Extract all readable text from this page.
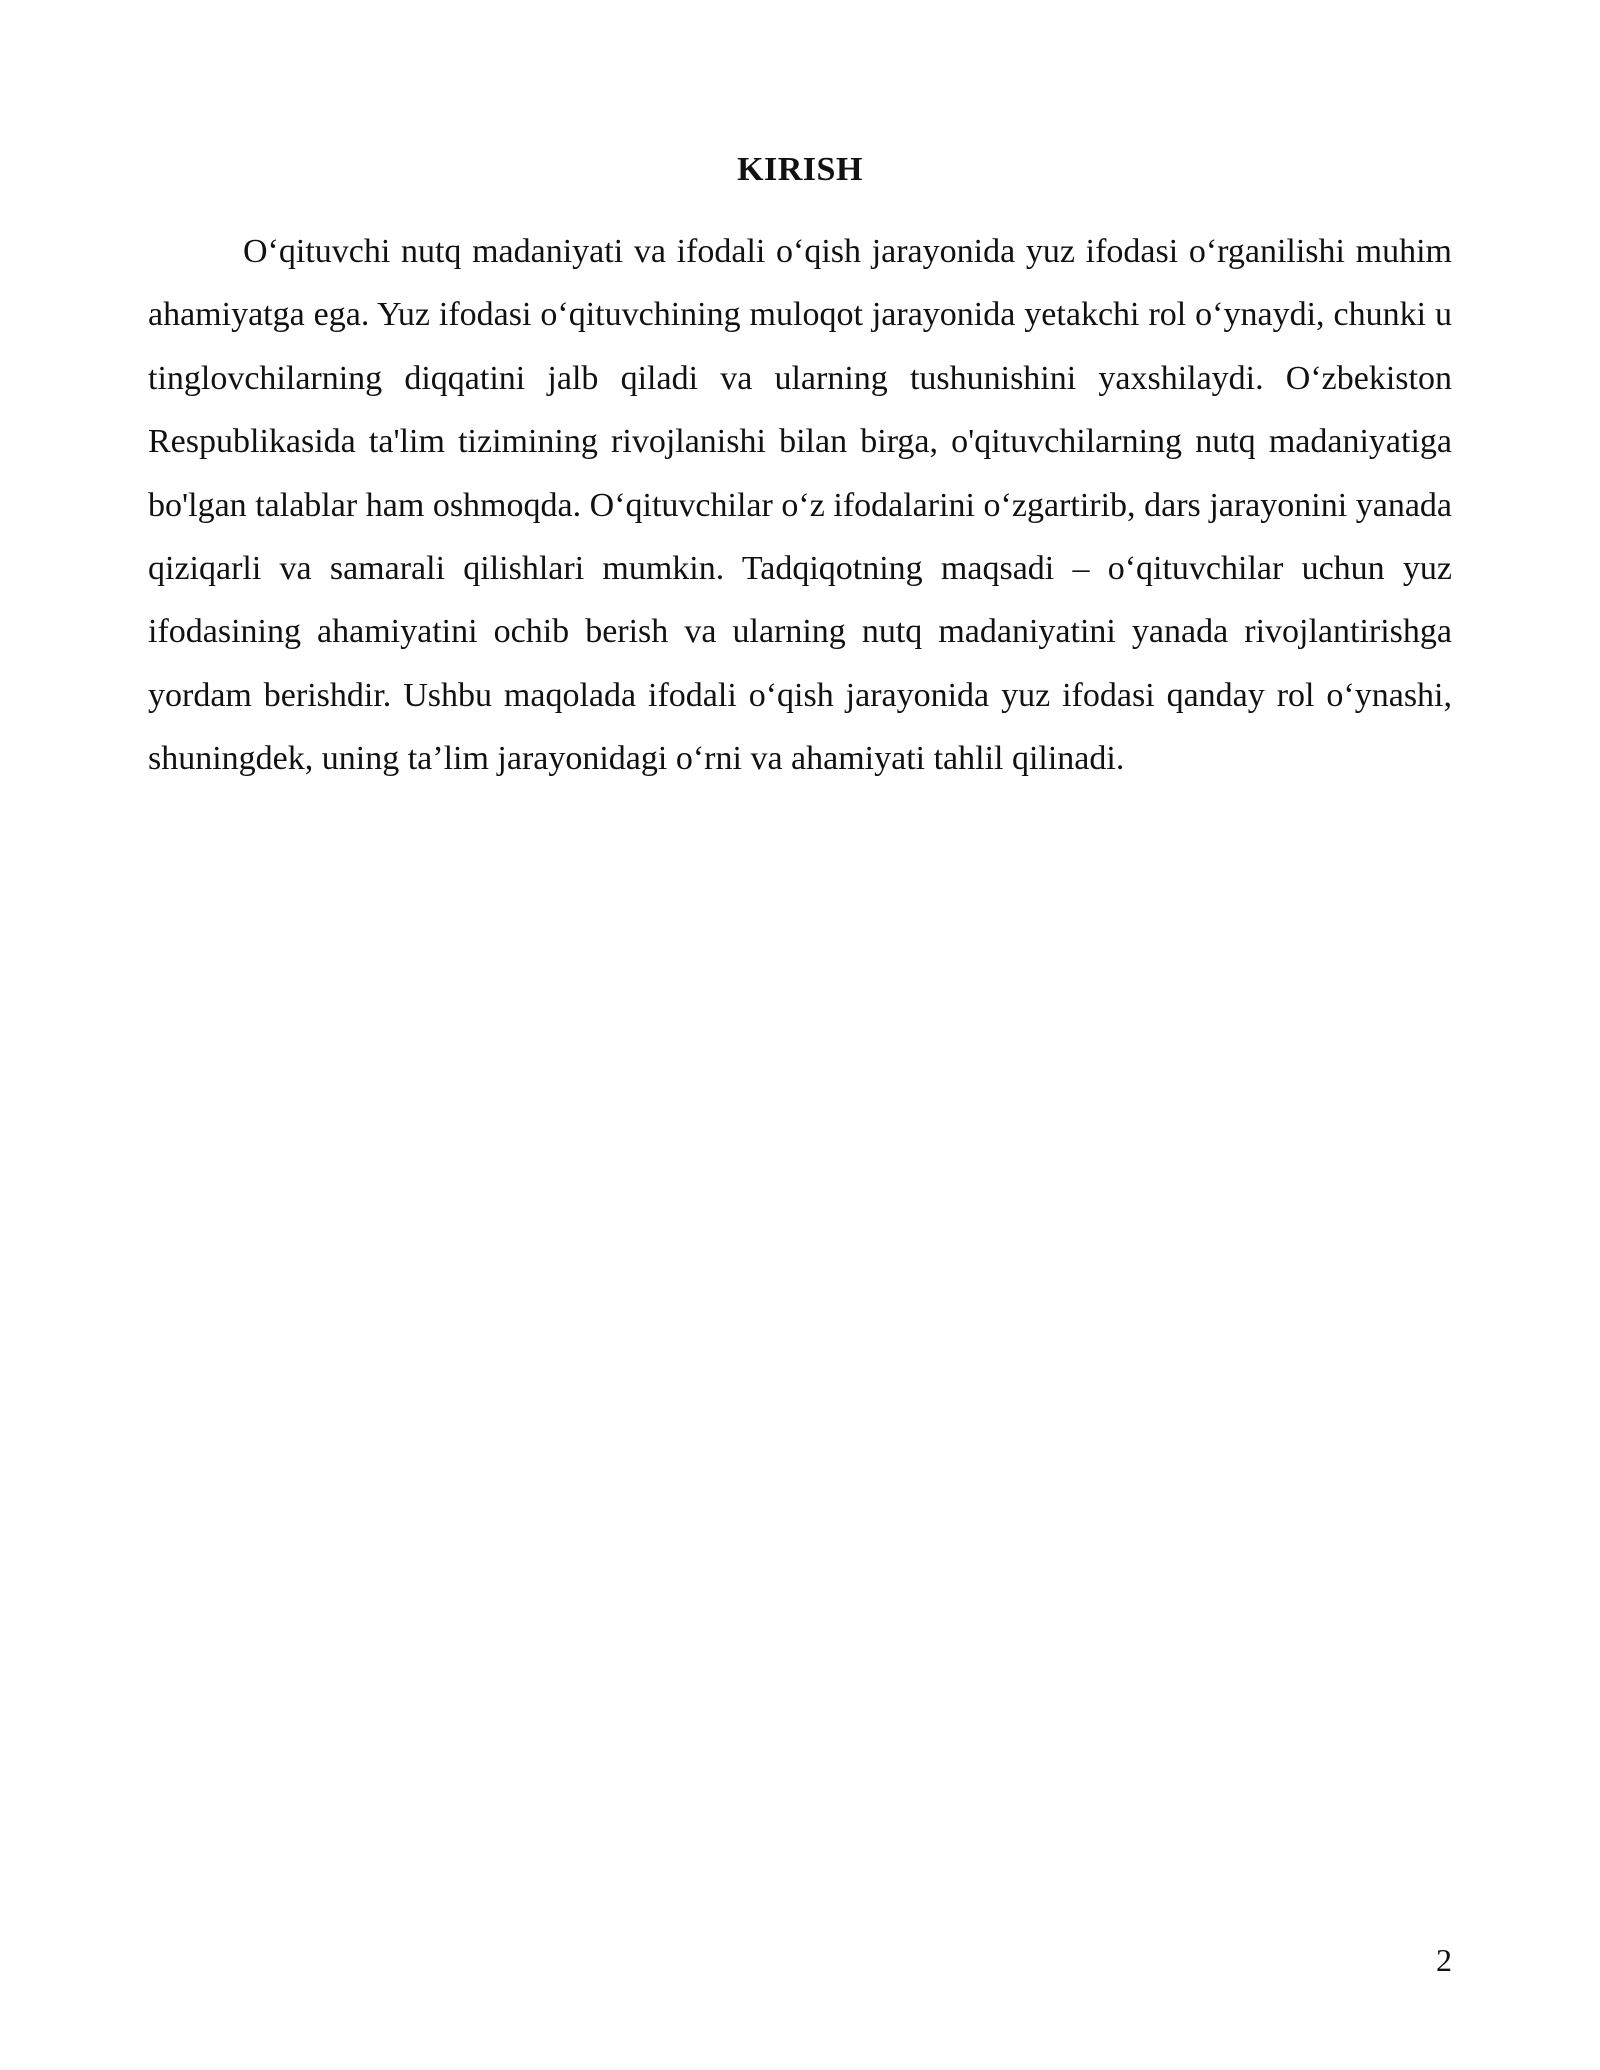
KIRISH

O‘qituvchi nutq madaniyati va ifodali o‘qish jarayonida yuz ifodasi o‘rganilishi muhim ahamiyatga ega. Yuz ifodasi o‘qituvchining muloqot jarayonida yetakchi rol o‘ynaydi, chunki u tinglovchilarning diqqatini jalb qiladi va ularning tushunishini yaxshilaydi. O‘zbekiston Respublikasida ta'lim tizimining rivojlanishi bilan birga, o'qituvchilarning nutq madaniyatiga bo'lgan talablar ham oshmoqda. O‘qituvchilar o‘z ifodalarini o‘zgartirib, dars jarayonini yanada qiziqarli va samarali qilishlari mumkin. Tadqiqotning maqsadi – o‘qituvchilar uchun yuz ifodasining ahamiyatini ochib berish va ularning nutq madaniyatini yanada rivojlantirishga yordam berishdir. Ushbu maqolada ifodali o‘qish jarayonida yuz ifodasi qanday rol o‘ynashi, shuningdek, uning ta’lim jarayonidagi o‘rni va ahamiyati tahlil qilinadi.

2
